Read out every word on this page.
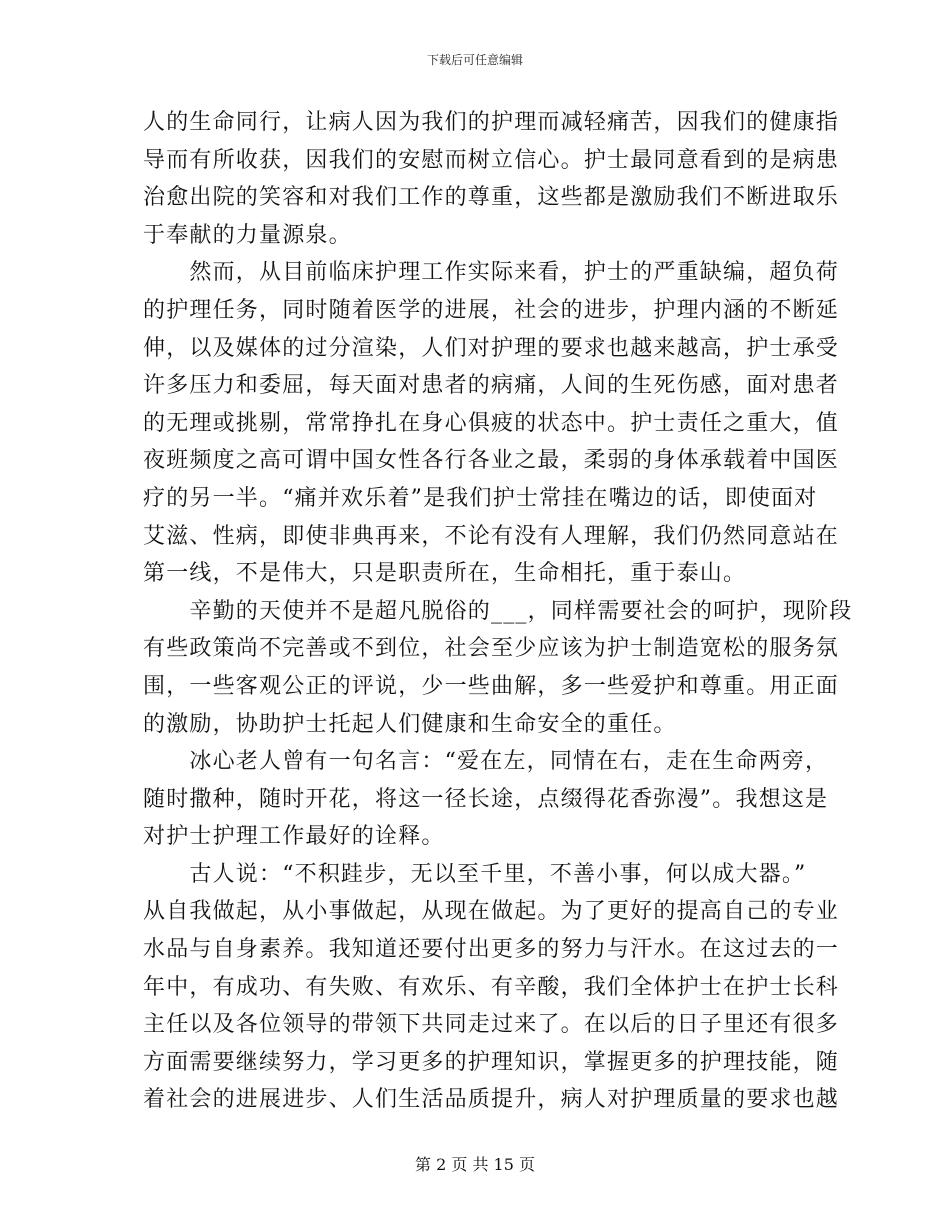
下载后可任意编辑
人的生命同行，让病人因为我们的护理而减轻痛苦，因我们的健康指
导而有所收获，因我们的安慰而树立信心。护士最同意看到的是病患
治愈出院的笑容和对我们工作的尊重，这些都是激励我们不断进取乐
于奉献的力量源泉。
　　然而，从目前临床护理工作实际来看，护士的严重缺编，超负荷
的护理任务，同时随着医学的进展，社会的进步，护理内涵的不断延
伸，以及媒体的过分渲染，人们对护理的要求也越来越高，护士承受
许多压力和委屈，每天面对患者的病痛，人间的生死伤感，面对患者
的无理或挑剔，常常挣扎在身心俱疲的状态中。护士责任之重大，值
夜班频度之高可谓中国女性各行各业之最，柔弱的身体承载着中国医
疗的另一半。“痛并欢乐着”是我们护士常挂在嘴边的话，即使面对
艾滋、性病，即使非典再来，不论有没有人理解，我们仍然同意站在
第一线，不是伟大，只是职责所在，生命相托，重于泰山。
　　辛勤的天使并不是超凡脱俗的___，同样需要社会的呵护，现阶段
有些政策尚不完善或不到位，社会至少应该为护士制造宽松的服务氛
围，一些客观公正的评说，少一些曲解，多一些爱护和尊重。用正面
的激励，协助护士托起人们健康和生命安全的重任。
　　冰心老人曾有一句名言：“爱在左，同情在右，走在生命两旁，
随时撒种，随时开花，将这一径长途，点缀得花香弥漫”。我想这是
对护士护理工作最好的诠释。
　　古人说：“不积跬步，无以至千里，不善小事，何以成大器。”
从自我做起，从小事做起，从现在做起。为了更好的提高自己的专业
水品与自身素养。我知道还要付出更多的努力与汗水。在这过去的一
年中，有成功、有失败、有欢乐、有辛酸，我们全体护士在护士长科
主任以及各位领导的带领下共同走过来了。在以后的日子里还有很多
方面需要继续努力，学习更多的护理知识，掌握更多的护理技能，随
着社会的进展进步、人们生活品质提升，病人对护理质量的要求也越
第 2 页 共 15 页
